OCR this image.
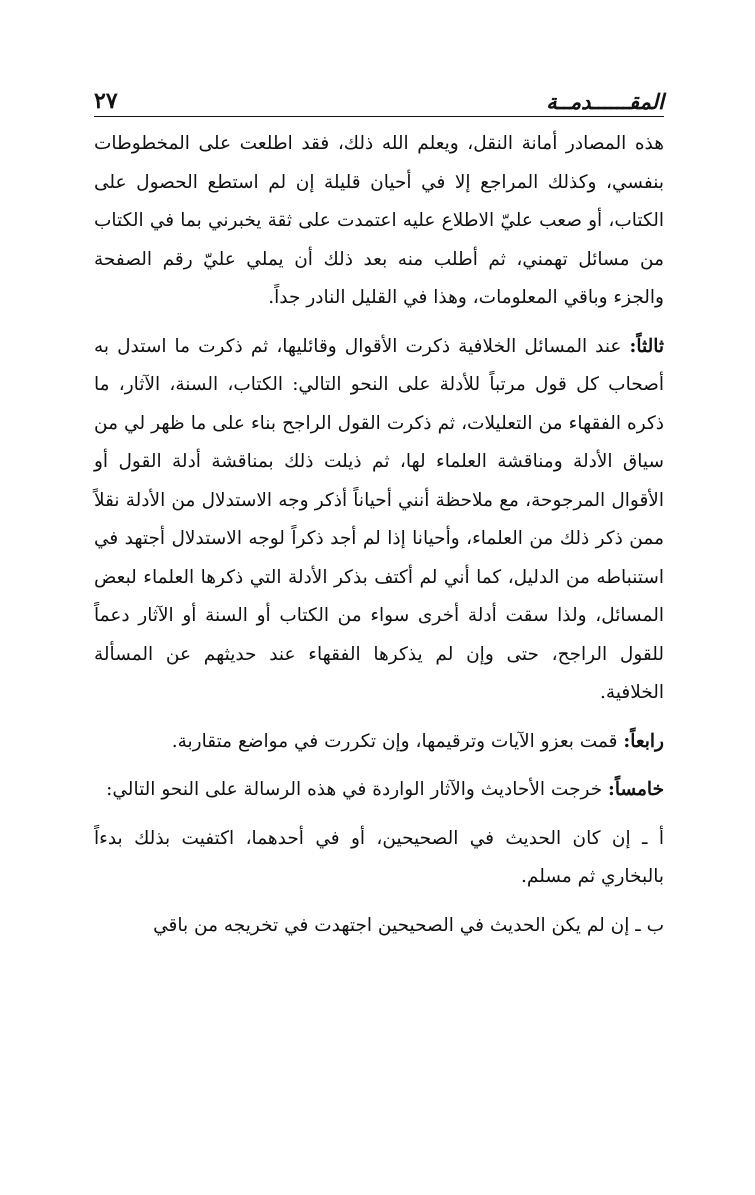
المقــــــدمــة
٢٧

هذه المصادر أمانة النقل، ويعلم الله ذلك، فقد اطلعت على المخطوطات بنفسي، وكذلك المراجع إلا في أحيان قليلة إن لم استطع الحصول على الكتاب، أو صعب عليّ الاطلاع عليه اعتمدت على ثقة يخبرني بما في الكتاب من مسائل تهمني، ثم أطلب منه بعد ذلك أن يملي عليّ رقم الصفحة والجزء وباقي المعلومات، وهذا في القليل النادر جداً.

ثالثاً: عند المسائل الخلافية ذكرت الأقوال وقائليها، ثم ذكرت ما استدل به أصحاب كل قول مرتباً للأدلة على النحو التالي: الكتاب، السنة، الآثار، ما ذكره الفقهاء من التعليلات، ثم ذكرت القول الراجح بناء على ما ظهر لي من سياق الأدلة ومناقشة العلماء لها، ثم ذيلت ذلك بمناقشة أدلة القول أو الأقوال المرجوحة، مع ملاحظة أنني أحياناً أذكر وجه الاستدلال من الأدلة نقلاً ممن ذكر ذلك من العلماء، وأحيانا إذا لم أجد ذكراً لوجه الاستدلال أجتهد في استنباطه من الدليل، كما أني لم أكتف بذكر الأدلة التي ذكرها العلماء لبعض المسائل، ولذا سقت أدلة أخرى سواء من الكتاب أو السنة أو الآثار دعماً للقول الراجح، حتى وإن لم يذكرها الفقهاء عند حديثهم عن المسألة الخلافية.

رابعاً: قمت بعزو الآيات وترقيمها، وإن تكررت في مواضع متقاربة.

خامساً: خرجت الأحاديث والآثار الواردة في هذه الرسالة على النحو التالي:

أ ـ إن كان الحديث في الصحيحين، أو في أحدهما، اكتفيت بذلك بدءاً بالبخاري ثم مسلم.

ب ـ إن لم يكن الحديث في الصحيحين اجتهدت في تخريجه من باقي
